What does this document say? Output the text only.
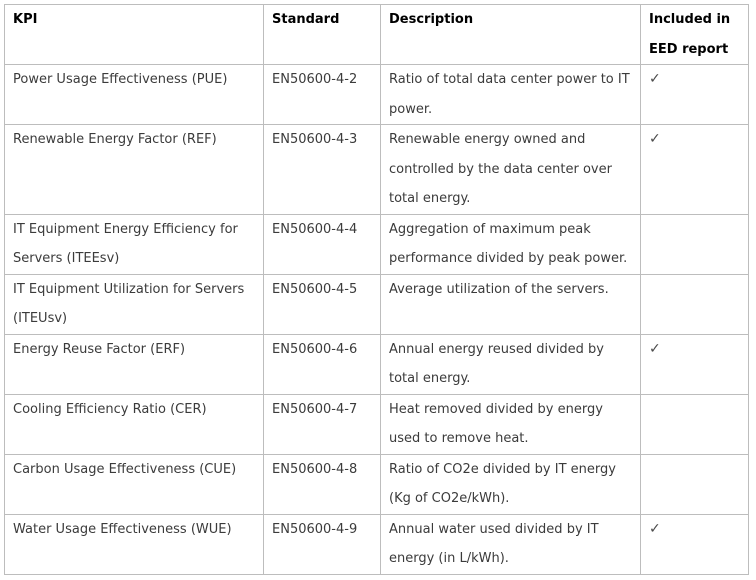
KPI	Standard	Description	Included in EED report
Power Usage Effectiveness (PUE)	EN50600-4-2	Ratio of total data center power to IT power.	✓
Renewable Energy Factor (REF)	EN50600-4-3	Renewable energy owned and controlled by the data center over total energy.	✓
IT Equipment Energy Efficiency for Servers (ITEEsv)	EN50600-4-4	Aggregation of maximum peak performance divided by peak power.	
IT Equipment Utilization for Servers (ITEUsv)	EN50600-4-5	Average utilization of the servers.	
Energy Reuse Factor (ERF)	EN50600-4-6	Annual energy reused divided by total energy.	✓
Cooling Efficiency Ratio (CER)	EN50600-4-7	Heat removed divided by energy used to remove heat.	
Carbon Usage Effectiveness (CUE)	EN50600-4-8	Ratio of CO2e divided by IT energy (Kg of CO2e/kWh).	
Water Usage Effectiveness (WUE)	EN50600-4-9	Annual water used divided by IT energy (in L/kWh).	✓
